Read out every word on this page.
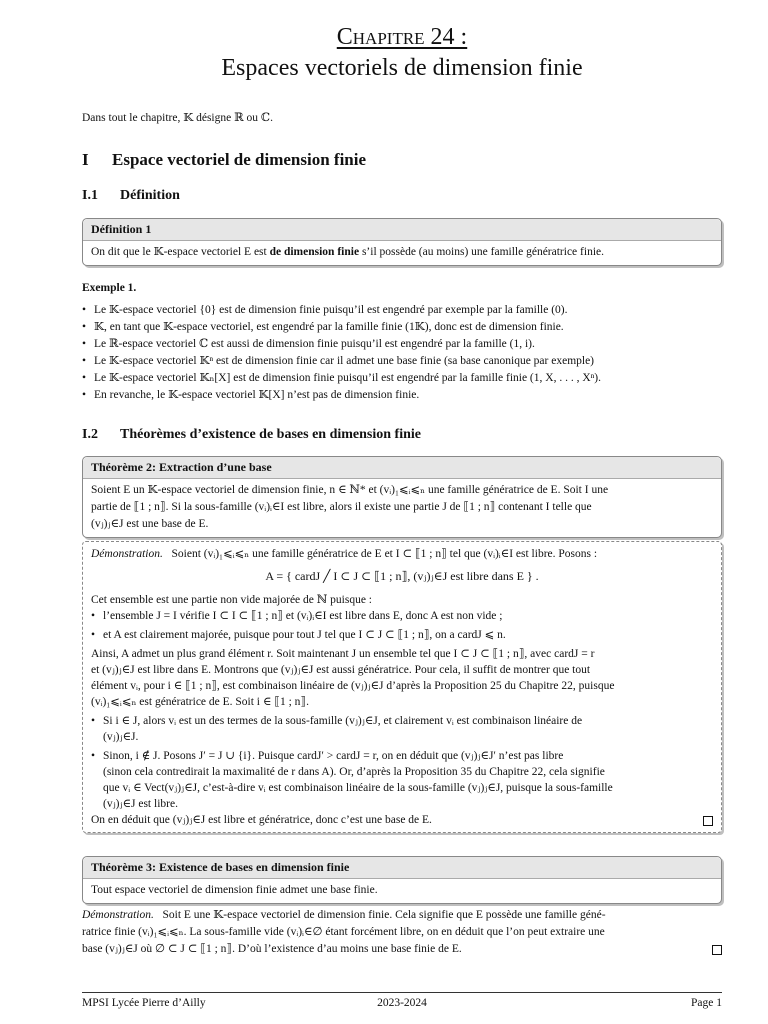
Chapitre 24 :
Espaces vectoriels de dimension finie
Dans tout le chapitre, 𝕂 désigne ℝ ou ℂ.
I Espace vectoriel de dimension finie
I.1 Définition
Définition 1
On dit que le 𝕂-espace vectoriel E est de dimension finie s’il possède (au moins) une famille génératrice finie.
Exemple 1.
• Le 𝕂-espace vectoriel {0} est de dimension finie puisqu’il est engendré par exemple par la famille (0).
• 𝕂, en tant que 𝕂-espace vectoriel, est engendré par la famille finie (1𝕂), donc est de dimension finie.
• Le ℝ-espace vectoriel ℂ est aussi de dimension finie puisqu’il est engendré par la famille (1, i).
• Le 𝕂-espace vectoriel 𝕂ⁿ est de dimension finie car il admet une base finie (sa base canonique par exemple)
• Le 𝕂-espace vectoriel 𝕂ₙ[X] est de dimension finie puisqu’il est engendré par la famille finie (1, X, . . . , Xⁿ).
• En revanche, le 𝕂-espace vectoriel 𝕂[X] n’est pas de dimension finie.
I.2 Théorèmes d’existence de bases en dimension finie
Théorème 2: Extraction d’une base
Soient E un 𝕂-espace vectoriel de dimension finie, n ∈ ℕ* et (vᵢ)₁⩽ᵢ⩽ₙ une famille génératrice de E. Soit I une
partie de ⟦1 ; n⟧. Si la sous-famille (vᵢ)ᵢ∈I est libre, alors il existe une partie J de ⟦1 ; n⟧ contenant I telle que
(vⱼ)ⱼ∈J est une base de E.
Démonstration. Soient (vᵢ)₁⩽ᵢ⩽ₙ une famille génératrice de E et I ⊂ ⟦1 ; n⟧ tel que (vᵢ)ᵢ∈I est libre. Posons :
A = { cardJ ╱ I ⊂ J ⊂ ⟦1 ; n⟧, (vⱼ)ⱼ∈J est libre dans E } .
Cet ensemble est une partie non vide majorée de ℕ puisque :
• l’ensemble J = I vérifie I ⊂ I ⊂ ⟦1 ; n⟧ et (vᵢ)ᵢ∈I est libre dans E, donc A est non vide ;
• et A est clairement majorée, puisque pour tout J tel que I ⊂ J ⊂ ⟦1 ; n⟧, on a cardJ ⩽ n.
Ainsi, A admet un plus grand élément r. Soit maintenant J un ensemble tel que I ⊂ J ⊂ ⟦1 ; n⟧, avec cardJ = r
et (vⱼ)ⱼ∈J est libre dans E. Montrons que (vⱼ)ⱼ∈J est aussi génératrice. Pour cela, il suffit de montrer que tout
élément vᵢ, pour i ∈ ⟦1 ; n⟧, est combinaison linéaire de (vⱼ)ⱼ∈J d’après la Proposition 25 du Chapitre 22, puisque
(vᵢ)₁⩽ᵢ⩽ₙ est génératrice de E. Soit i ∈ ⟦1 ; n⟧.
• Si i ∈ J, alors vᵢ est un des termes de la sous-famille (vⱼ)ⱼ∈J, et clairement vᵢ est combinaison linéaire de
(vⱼ)ⱼ∈J.
• Sinon, i ∉ J. Posons J′ = J ∪ {i}. Puisque cardJ′ > cardJ = r, on en déduit que (vⱼ)ⱼ∈J′ n’est pas libre
(sinon cela contredirait la maximalité de r dans A). Or, d’après la Proposition 35 du Chapitre 22, cela signifie
que vᵢ ∈ Vect(vⱼ)ⱼ∈J, c’est-à-dire vᵢ est combinaison linéaire de la sous-famille (vⱼ)ⱼ∈J, puisque la sous-famille
(vⱼ)ⱼ∈J est libre.
On en déduit que (vⱼ)ⱼ∈J est libre et génératrice, donc c’est une base de E.
Théorème 3: Existence de bases en dimension finie
Tout espace vectoriel de dimension finie admet une base finie.
Démonstration. Soit E une 𝕂-espace vectoriel de dimension finie. Cela signifie que E possède une famille géné-
ratrice finie (vᵢ)₁⩽ᵢ⩽ₙ. La sous-famille vide (vᵢ)ᵢ∈∅ étant forcément libre, on en déduit que l’on peut extraire une
base (vⱼ)ⱼ∈J où ∅ ⊂ J ⊂ ⟦1 ; n⟧. D’où l’existence d’au moins une base finie de E.
MPSI Lycée Pierre d’Ailly	2023-2024	Page 1
